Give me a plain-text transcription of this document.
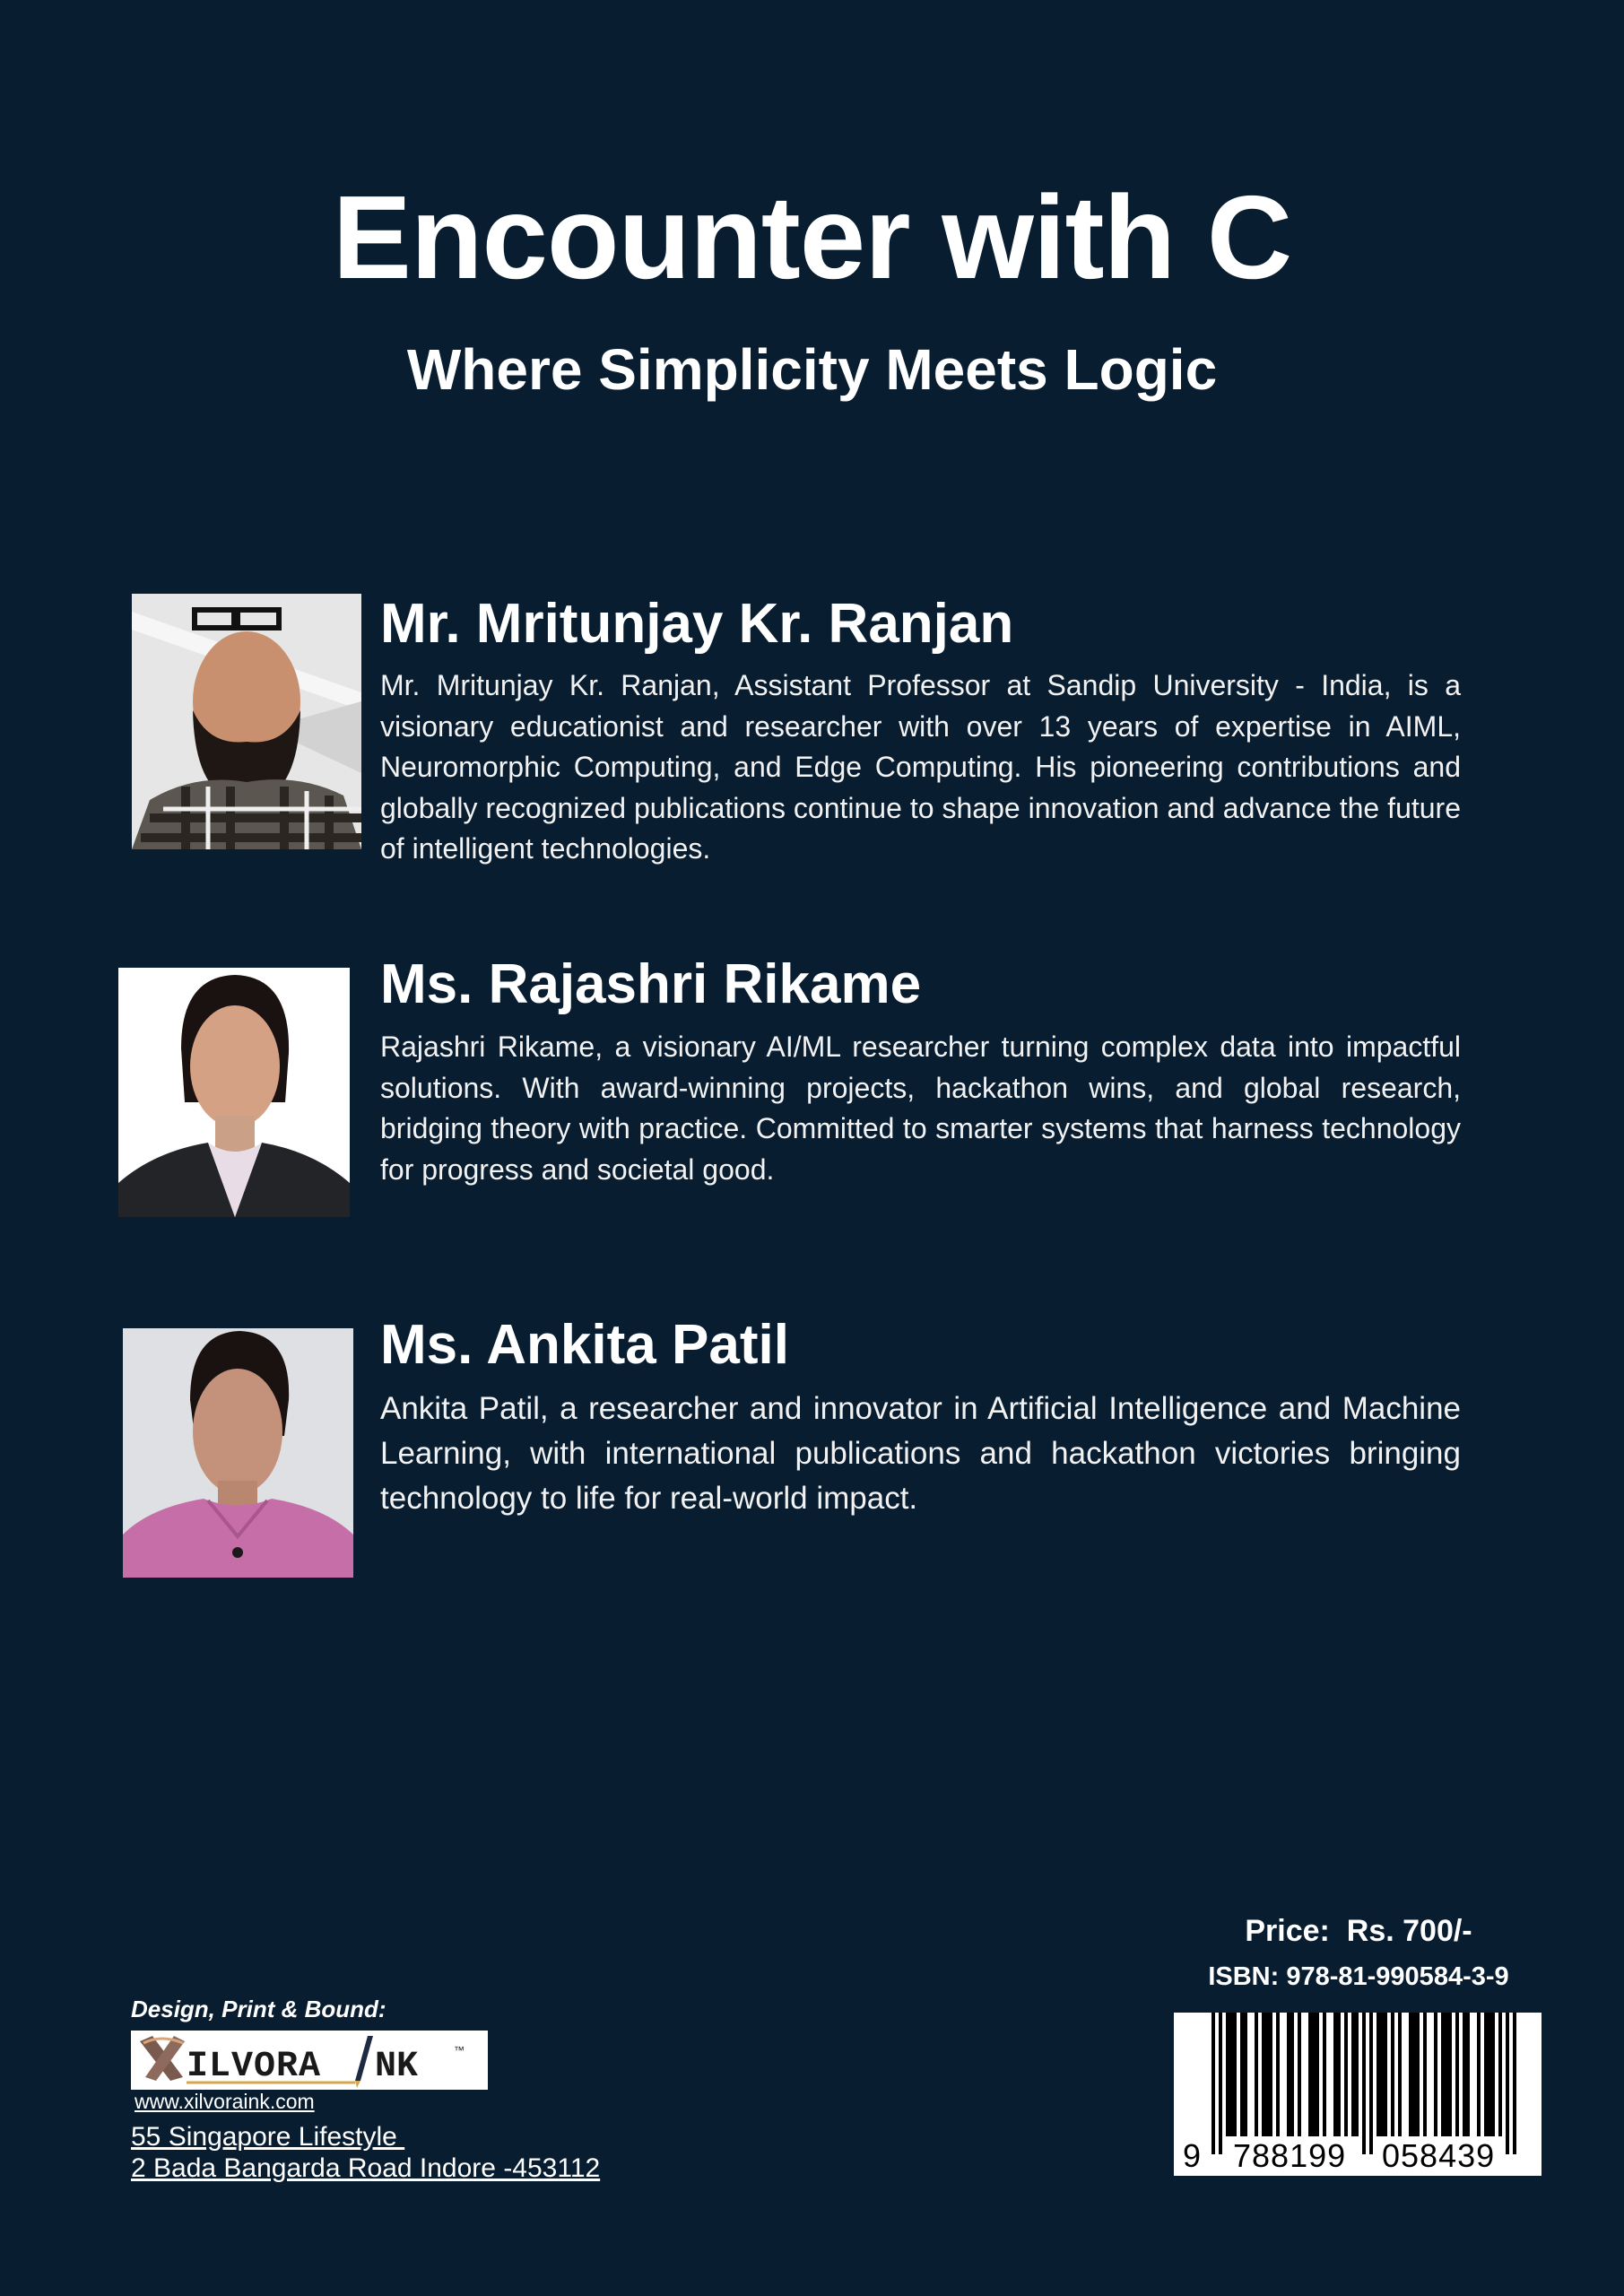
Encounter with C
Where Simplicity Meets Logic
Mr. Mritunjay Kr. Ranjan
Mr. Mritunjay Kr. Ranjan, Assistant Professor at Sandip University - India, is a visionary educationist and researcher with over 13 years of expertise in AIML, Neuromorphic Computing, and Edge Computing. His pioneering contributions and globally recognized publications continue to shape innovation and advance the future of intelligent technologies.
Ms. Rajashri Rikame
Rajashri Rikame, a visionary AI/ML researcher turning complex data into impactful solutions. With award-winning projects, hackathon wins, and global research, bridging theory with practice. Committed to smarter systems that harness technology for progress and societal good.
Ms. Ankita Patil
Ankita Patil, a researcher and innovator in Artificial Intelligence and Machine Learning, with international publications and hackathon victories bringing technology to life for real-world impact.
Design, Print & Bound:
ILVORA NK	™
www.xilvoraink.com
55 Singapore Lifestyle
2 Bada Bangarda Road Indore -453112
Price:  Rs. 700/-
ISBN: 978-81-990584-3-9
9 788199 058439
